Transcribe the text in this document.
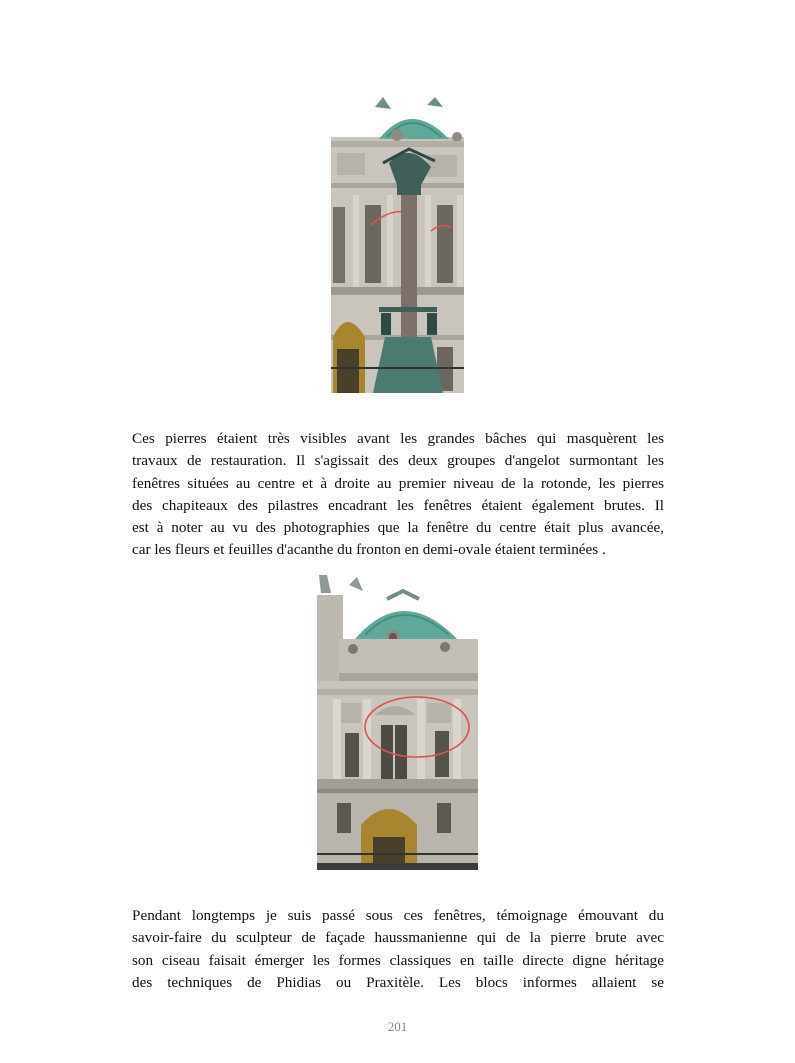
Ces pierres étaient très visibles avant les grandes bâches qui masquèrent les
travaux de restauration. Il s'agissait des deux groupes d'angelot surmontant les
fenêtres situées au centre et à droite au premier niveau de la rotonde, les pierres
des chapiteaux des pilastres encadrant les fenêtres étaient également brutes. Il
est à noter au vu des photographies que la fenêtre du centre était plus avancée,
car les fleurs et feuilles d'acanthe du fronton en demi-ovale étaient terminées .
Pendant longtemps je suis passé sous ces fenêtres, témoignage émouvant du
savoir-faire du sculpteur de façade haussmanienne qui de la pierre brute avec
son ciseau faisait émerger les formes classiques en taille directe digne héritage
des techniques de Phidias ou Praxitèle. Les blocs informes allaient se
201
